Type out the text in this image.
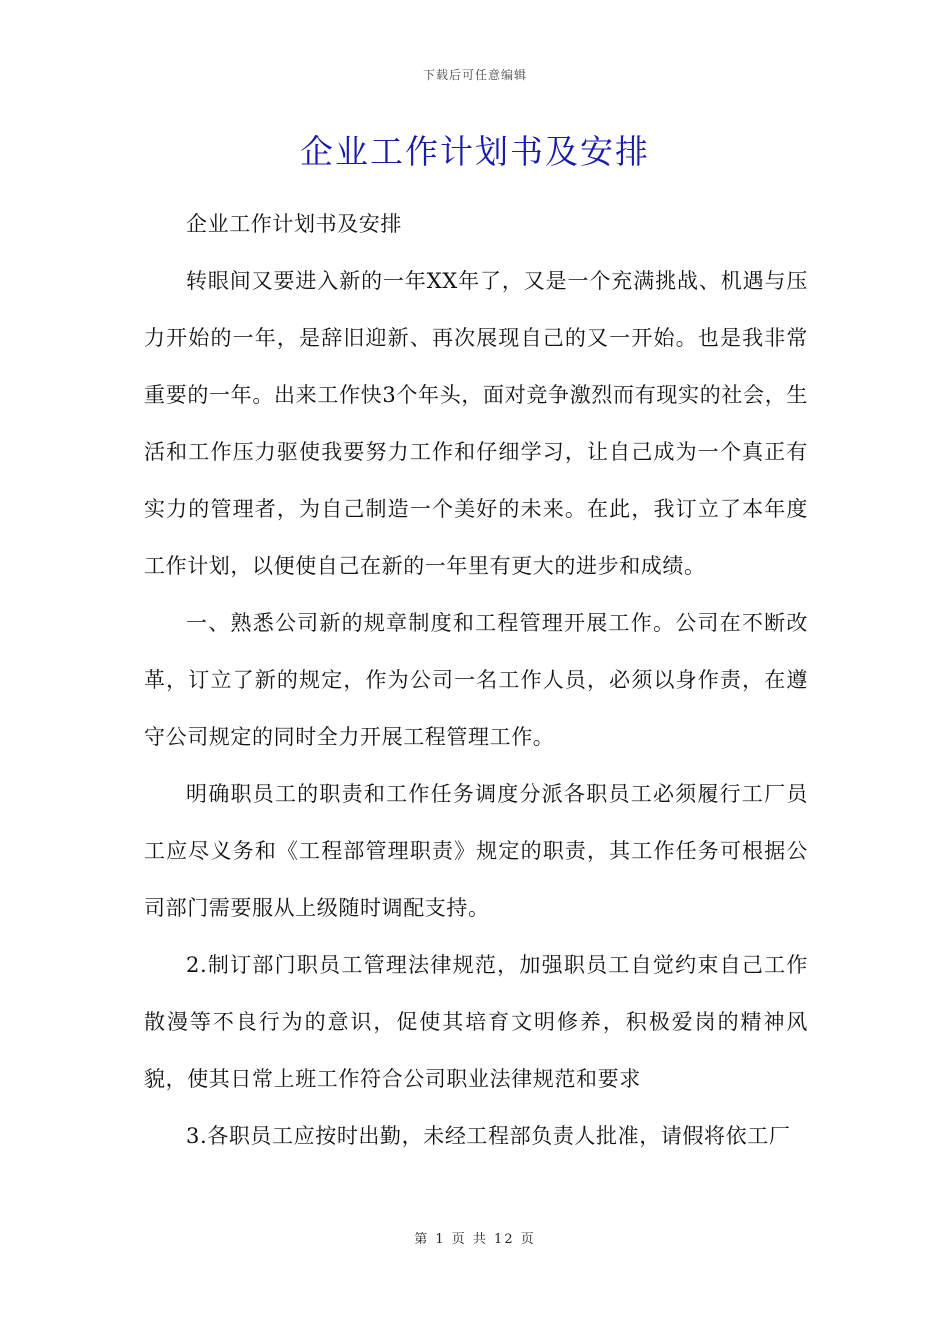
下载后可任意编辑
企业工作计划书及安排

企业工作计划书及安排

转眼间又要进入新的一年XX年了，又是一个充满挑战、机遇与压力开始的一年，是辞旧迎新、再次展现自己的又一开始。也是我非常重要的一年。出来工作快3个年头，面对竞争激烈而有现实的社会，生活和工作压力驱使我要努力工作和仔细学习，让自己成为一个真正有实力的管理者，为自己制造一个美好的未来。在此，我订立了本年度工作计划，以便使自己在新的一年里有更大的进步和成绩。

一、熟悉公司新的规章制度和工程管理开展工作。公司在不断改革，订立了新的规定，作为公司一名工作人员，必须以身作责，在遵守公司规定的同时全力开展工程管理工作。

明确职员工的职责和工作任务调度分派各职员工必须履行工厂员工应尽义务和《工程部管理职责》规定的职责，其工作任务可根据公司部门需要服从上级随时调配支持。

2.制订部门职员工管理法律规范，加强职员工自觉约束自己工作散漫等不良行为的意识，促使其培育文明修养，积极爱岗的精神风貌，使其日常上班工作符合公司职业法律规范和要求

3.各职员工应按时出勤，未经工程部负责人批准，请假将依工厂

第 1 页 共 12 页
